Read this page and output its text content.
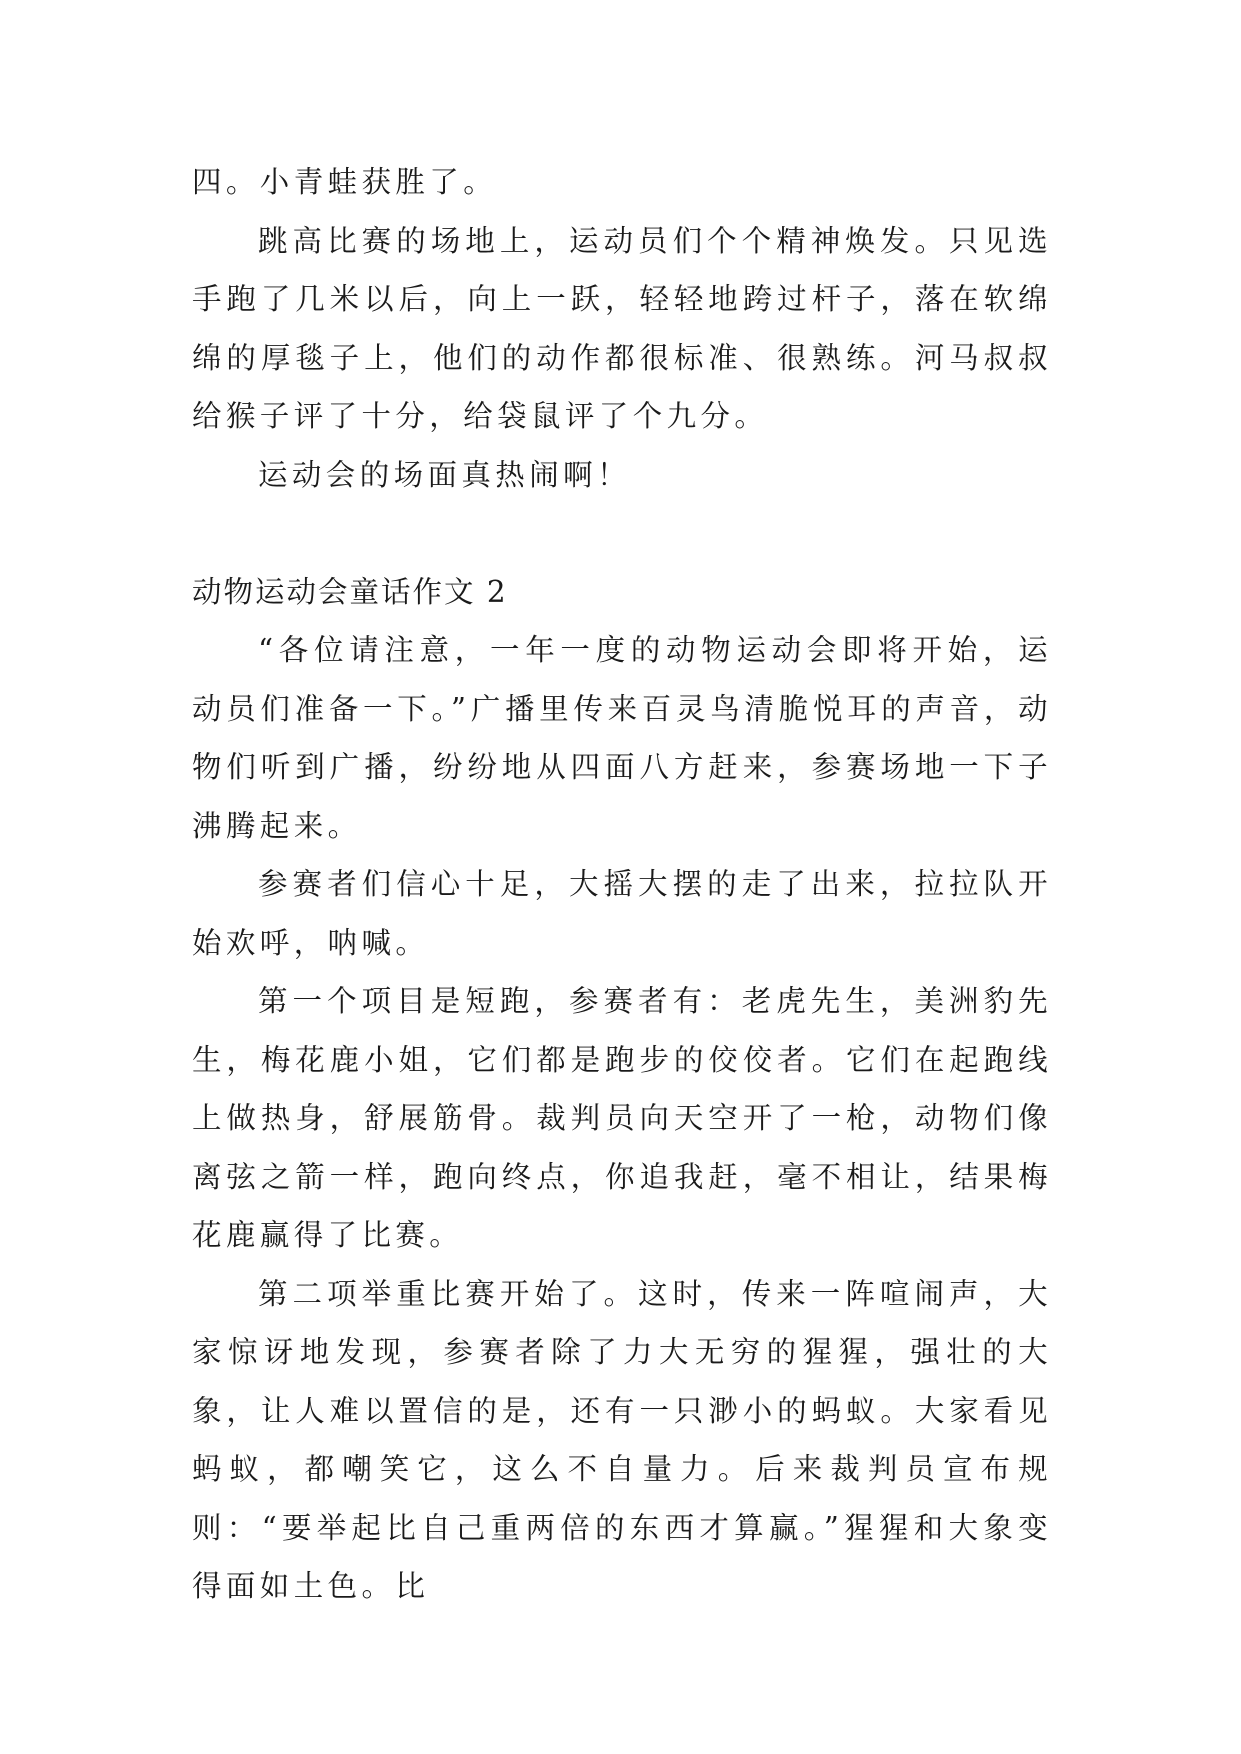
四。小青蛙获胜了。

跳高比赛的场地上，运动员们个个精神焕发。只见选手跑了几米以后，向上一跃，轻轻地跨过杆子，落在软绵绵的厚毯子上，他们的动作都很标准、很熟练。河马叔叔给猴子评了十分，给袋鼠评了个九分。

运动会的场面真热闹啊！

动物运动会童话作文 2

“各位请注意，一年一度的动物运动会即将开始，运动员们准备一下。”广播里传来百灵鸟清脆悦耳的声音，动物们听到广播，纷纷地从四面八方赶来，参赛场地一下子沸腾起来。

参赛者们信心十足，大摇大摆的走了出来，拉拉队开始欢呼，呐喊。

第一个项目是短跑，参赛者有：老虎先生，美洲豹先生，梅花鹿小姐，它们都是跑步的佼佼者。它们在起跑线上做热身，舒展筋骨。裁判员向天空开了一枪，动物们像离弦之箭一样，跑向终点，你追我赶，毫不相让，结果梅花鹿赢得了比赛。

第二项举重比赛开始了。这时，传来一阵喧闹声，大家惊讶地发现，参赛者除了力大无穷的猩猩，强壮的大象，让人难以置信的是，还有一只渺小的蚂蚁。大家看见蚂蚁，都嘲笑它，这么不自量力。后来裁判员宣布规则：“要举起比自己重两倍的东西才算赢。”猩猩和大象变得面如土色。比
